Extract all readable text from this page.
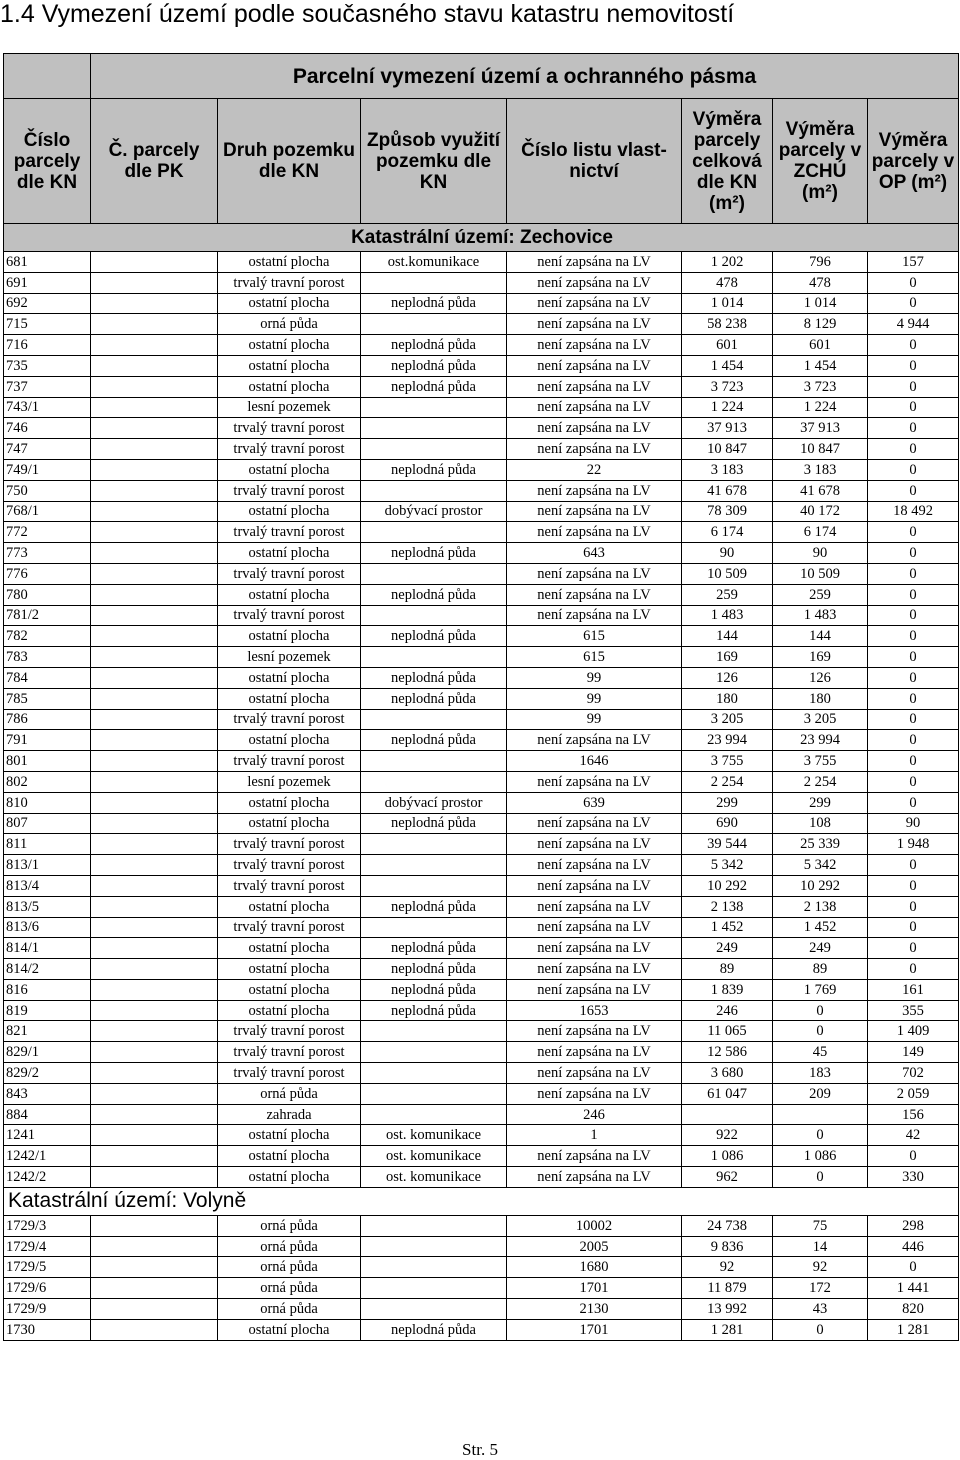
1.4 Vymezení území podle současného stavu katastru nemovitostí
	Parcelní vymezení území a ochranného pásma						
Číslo parcely dle KN	Č. parcely dle PK	Druh pozemku dle KN	Způsob využití pozemku dle KN	Číslo listu vlast-nictví	Výměra parcely celková dle KN (m²)	Výměra parcely v ZCHÚ (m²)	Výměra parcely v OP (m²)
Katastrální území: Zechovice							
681		ostatní plocha	ost.komunikace	není zapsána na LV	1 202	796	157
691		trvalý travní porost		není zapsána na LV	478	478	0
692		ostatní plocha	neplodná půda	není zapsána na LV	1 014	1 014	0
715		orná půda		není zapsána na LV	58 238	8 129	4 944
716		ostatní plocha	neplodná půda	není zapsána na LV	601	601	0
735		ostatní plocha	neplodná půda	není zapsána na LV	1 454	1 454	0
737		ostatní plocha	neplodná půda	není zapsána na LV	3 723	3 723	0
743/1		lesní pozemek		není zapsána na LV	1 224	1 224	0
746		trvalý travní porost		není zapsána na LV	37 913	37 913	0
747		trvalý travní porost		není zapsána na LV	10 847	10 847	0
749/1		ostatní plocha	neplodná půda	22	3 183	3 183	0
750		trvalý travní porost		není zapsána na LV	41 678	41 678	0
768/1		ostatní plocha	dobývací prostor	není zapsána na LV	78 309	40 172	18 492
772		trvalý travní porost		není zapsána na LV	6 174	6 174	0
773		ostatní plocha	neplodná půda	643	90	90	0
776		trvalý travní porost		není zapsána na LV	10 509	10 509	0
780		ostatní plocha	neplodná půda	není zapsána na LV	259	259	0
781/2		trvalý travní porost		není zapsána na LV	1 483	1 483	0
782		ostatní plocha	neplodná půda	615	144	144	0
783		lesní pozemek		615	169	169	0
784		ostatní plocha	neplodná půda	99	126	126	0
785		ostatní plocha	neplodná půda	99	180	180	0
786		trvalý travní porost		99	3 205	3 205	0
791		ostatní plocha	neplodná půda	není zapsána na LV	23 994	23 994	0
801		trvalý travní porost		1646	3 755	3 755	0
802		lesní pozemek		není zapsána na LV	2 254	2 254	0
810		ostatní plocha	dobývací prostor	639	299	299	0
807		ostatní plocha	neplodná půda	není zapsána na LV	690	108	90
811		trvalý travní porost		není zapsána na LV	39 544	25 339	1 948
813/1		trvalý travní porost		není zapsána na LV	5 342	5 342	0
813/4		trvalý travní porost		není zapsána na LV	10 292	10 292	0
813/5		ostatní plocha	neplodná půda	není zapsána na LV	2 138	2 138	0
813/6		trvalý travní porost		není zapsána na LV	1 452	1 452	0
814/1		ostatní plocha	neplodná půda	není zapsána na LV	249	249	0
814/2		ostatní plocha	neplodná půda	není zapsána na LV	89	89	0
816		ostatní plocha	neplodná půda	není zapsána na LV	1 839	1 769	161
819		ostatní plocha	neplodná půda	1653	246	0	355
821		trvalý travní porost		není zapsána na LV	11 065	0	1 409
829/1		trvalý travní porost		není zapsána na LV	12 586	45	149
829/2		trvalý travní porost		není zapsána na LV	3 680	183	702
843		orná půda		není zapsána na LV	61 047	209	2 059
884		zahrada		246			156
1241		ostatní plocha	ost. komunikace	1	922	0	42
1242/1		ostatní plocha	ost. komunikace	není zapsána na LV	1 086	1 086	0
1242/2		ostatní plocha	ost. komunikace	není zapsána na LV	962	0	330
Katastrální území: Volyně							
1729/3		orná půda		10002	24 738	75	298
1729/4		orná půda		2005	9 836	14	446
1729/5		orná půda		1680	92	92	0
1729/6		orná půda		1701	11 879	172	1 441
1729/9		orná půda		2130	13 992	43	820
1730		ostatní plocha	neplodná půda	1701	1 281	0	1 281
Str. 5
